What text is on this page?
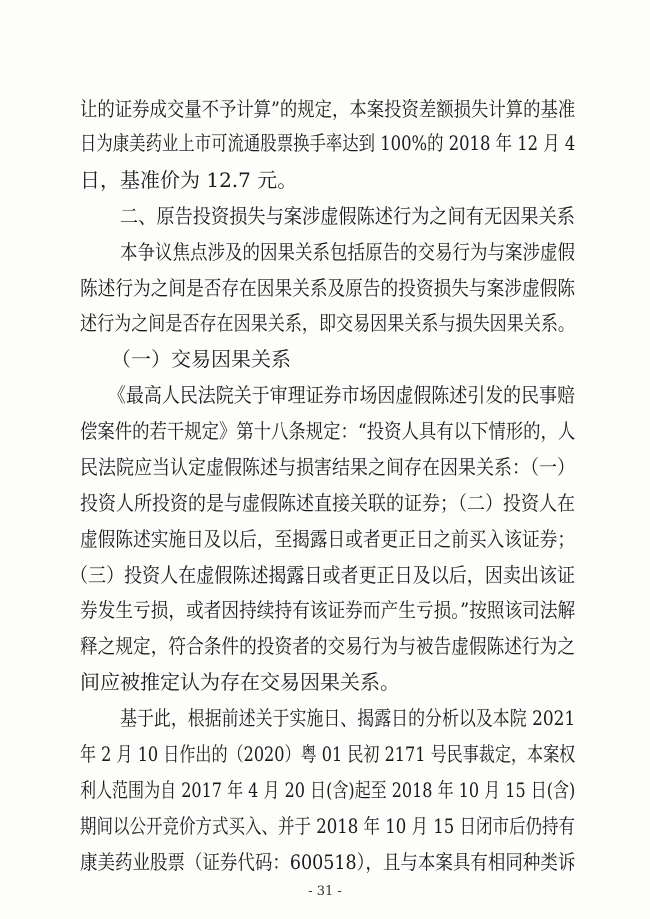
让的证券成交量不予计算”的规定，本案投资差额损失计算的基准
日为康美药业上市可流通股票换手率达到 100%的 2018 年 12 月 4
日，基准价为 12.7 元。
二、原告投资损失与案涉虚假陈述行为之间有无因果关系
本争议焦点涉及的因果关系包括原告的交易行为与案涉虚假
陈述行为之间是否存在因果关系及原告的投资损失与案涉虚假陈
述行为之间是否存在因果关系，即交易因果关系与损失因果关系。
（一）交易因果关系
《最高人民法院关于审理证券市场因虚假陈述引发的民事赔
偿案件的若干规定》第十八条规定：“投资人具有以下情形的，人
民法院应当认定虚假陈述与损害结果之间存在因果关系：（一）
投资人所投资的是与虚假陈述直接关联的证券；（二）投资人在
虚假陈述实施日及以后，至揭露日或者更正日之前买入该证券；
（三）投资人在虚假陈述揭露日或者更正日及以后，因卖出该证
券发生亏损，或者因持续持有该证券而产生亏损。”按照该司法解
释之规定，符合条件的投资者的交易行为与被告虚假陈述行为之
间应被推定认为存在交易因果关系。
基于此，根据前述关于实施日、揭露日的分析以及本院 2021
年 2 月 10 日作出的（2020）粤 01 民初 2171 号民事裁定，本案权
利人范围为自 2017 年 4 月 20 日(含)起至 2018 年 10 月 15 日(含)
期间以公开竞价方式买入、并于 2018 年 10 月 15 日闭市后仍持有
康美药业股票（证券代码：600518），且与本案具有相同种类诉
- 31 -
